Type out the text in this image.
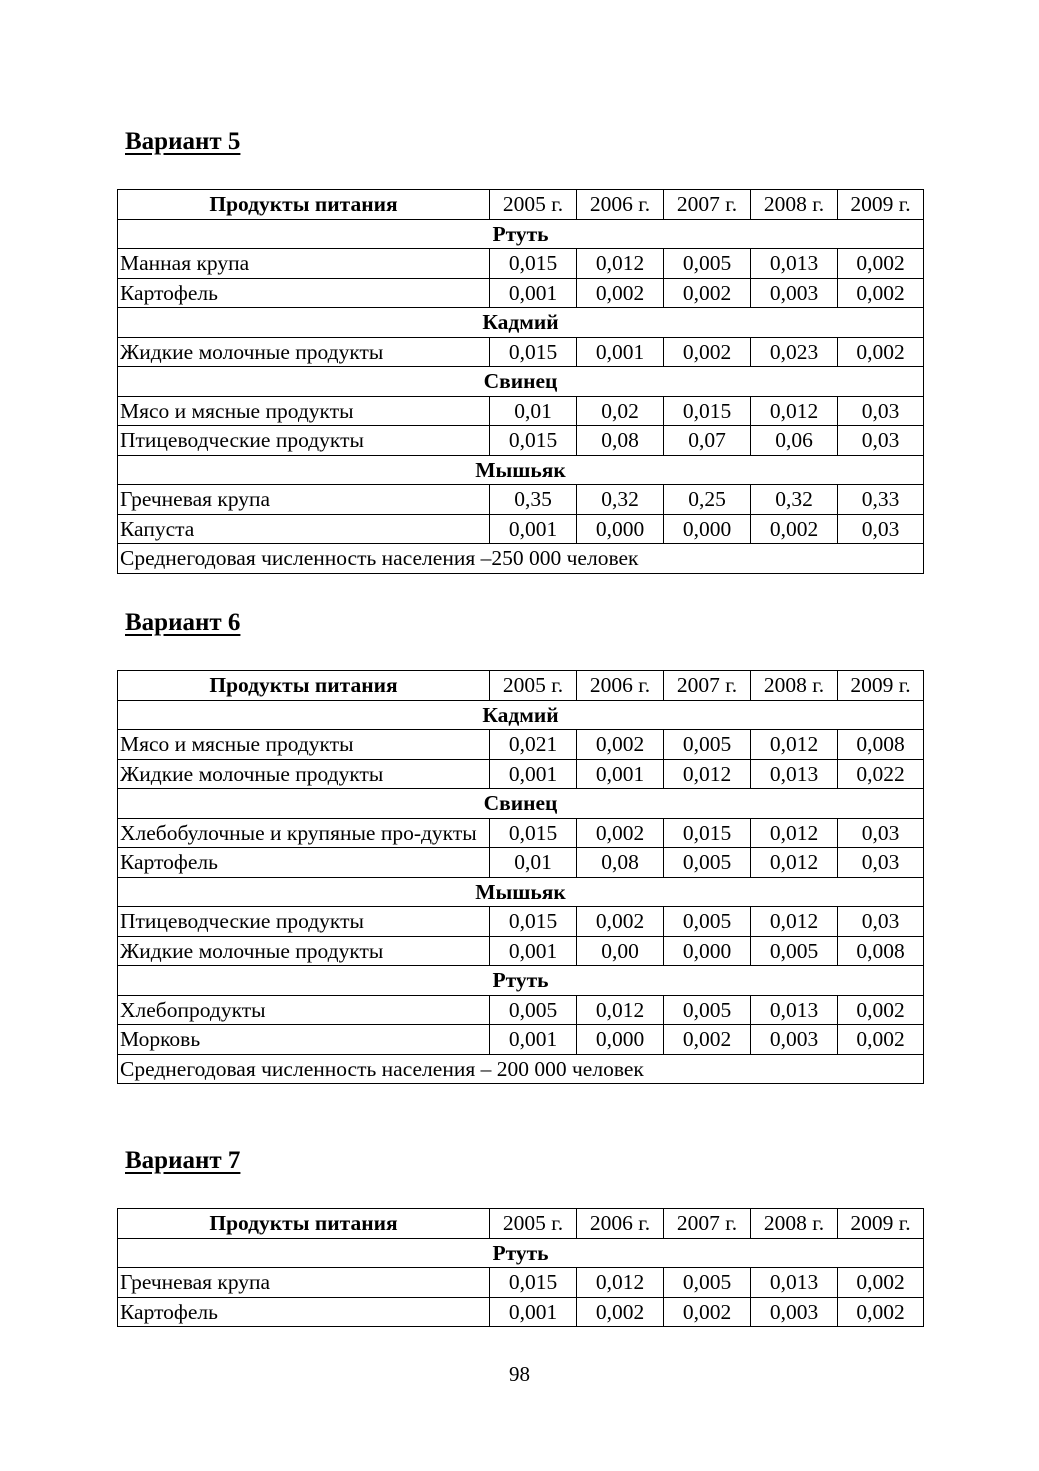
Вариант 5
Продукты питания	2005 г.	2006 г.	2007 г.	2008 г.	2009 г.
Ртуть					
Манная крупа	0,015	0,012	0,005	0,013	0,002
Картофель	0,001	0,002	0,002	0,003	0,002
Кадмий					
Жидкие молочные продукты	0,015	0,001	0,002	0,023	0,002
Свинец					
Мясо и мясные продукты	0,01	0,02	0,015	0,012	0,03
Птицеводческие продукты	0,015	0,08	0,07	0,06	0,03
Мышьяк					
Гречневая крупа	0,35	0,32	0,25	0,32	0,33
Капуста	0,001	0,000	0,000	0,002	0,03
Среднегодовая численность населения –250 000 человек					
Вариант 6
Продукты питания	2005 г.	2006 г.	2007 г.	2008 г.	2009 г.
Кадмий					
Мясо и мясные продукты	0,021	0,002	0,005	0,012	0,008
Жидкие молочные продукты	0,001	0,001	0,012	0,013	0,022
Свинец					
Хлебобулочные и крупяные про-дукты	0,015	0,002	0,015	0,012	0,03
Картофель	0,01	0,08	0,005	0,012	0,03
Мышьяк					
Птицеводческие продукты	0,015	0,002	0,005	0,012	0,03
Жидкие молочные продукты	0,001	0,00	0,000	0,005	0,008
Ртуть					
Хлебопродукты	0,005	0,012	0,005	0,013	0,002
Морковь	0,001	0,000	0,002	0,003	0,002
Среднегодовая численность населения – 200 000 человек					
Вариант 7
Продукты питания	2005 г.	2006 г.	2007 г.	2008 г.	2009 г.
Ртуть					
Гречневая крупа	0,015	0,012	0,005	0,013	0,002
Картофель	0,001	0,002	0,002	0,003	0,002
98
